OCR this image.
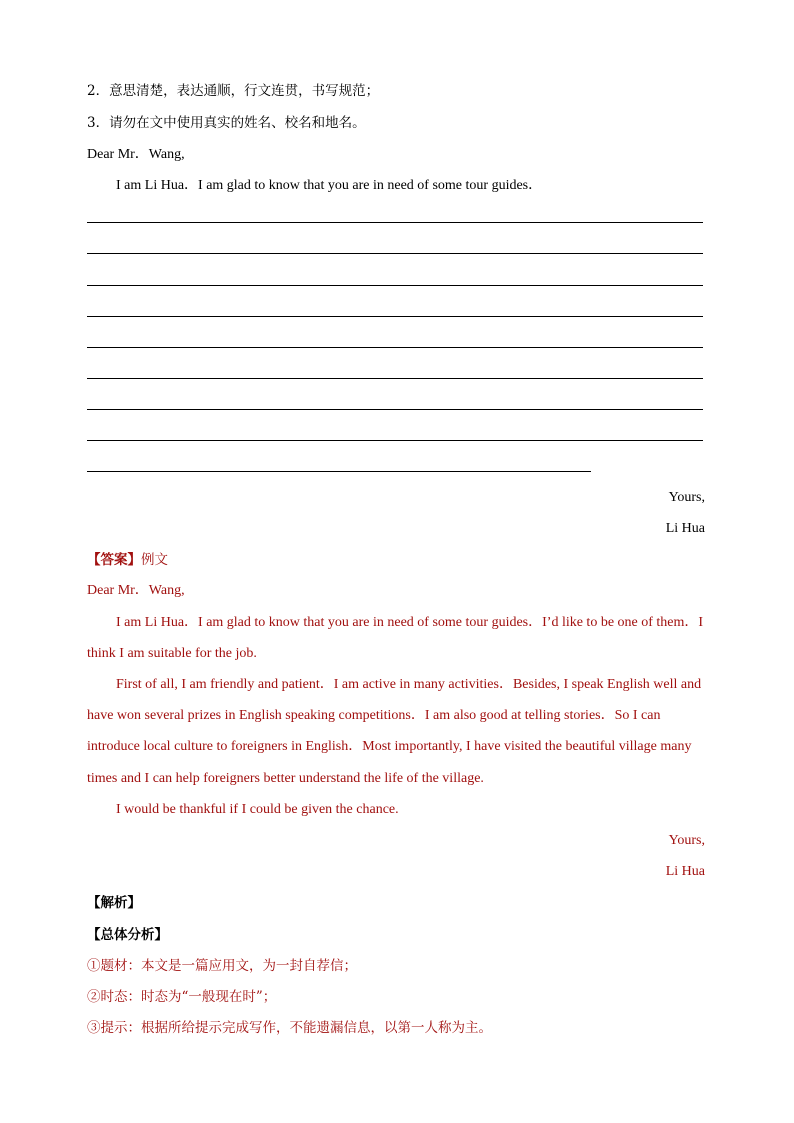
2．意思清楚，表达通顺，行文连贯，书写规范；
3．请勿在文中使用真实的姓名、校名和地名。
Dear Mr．Wang,
I am Li Hua．I am glad to know that you are in need of some tour guides．
Yours,
Li Hua
【答案】例文
Dear Mr．Wang,
I am Li Hua．I am glad to know that you are in need of some tour guides．I’d like to be one of them．I
think I am suitable for the job.
First of all, I am friendly and patient．I am active in many activities．Besides, I speak English well and
have won several prizes in English speaking competitions．I am also good at telling stories．So I can
introduce local culture to foreigners in English．Most importantly, I have visited the beautiful village many
times and I can help foreigners better understand the life of the village.
I would be thankful if I could be given the chance.
Yours,
Li Hua
【解析】
【总体分析】
①题材：本文是一篇应用文，为一封自荐信；
②时态：时态为“一般现在时”；
③提示：根据所给提示完成写作，不能遗漏信息，以第一人称为主。
